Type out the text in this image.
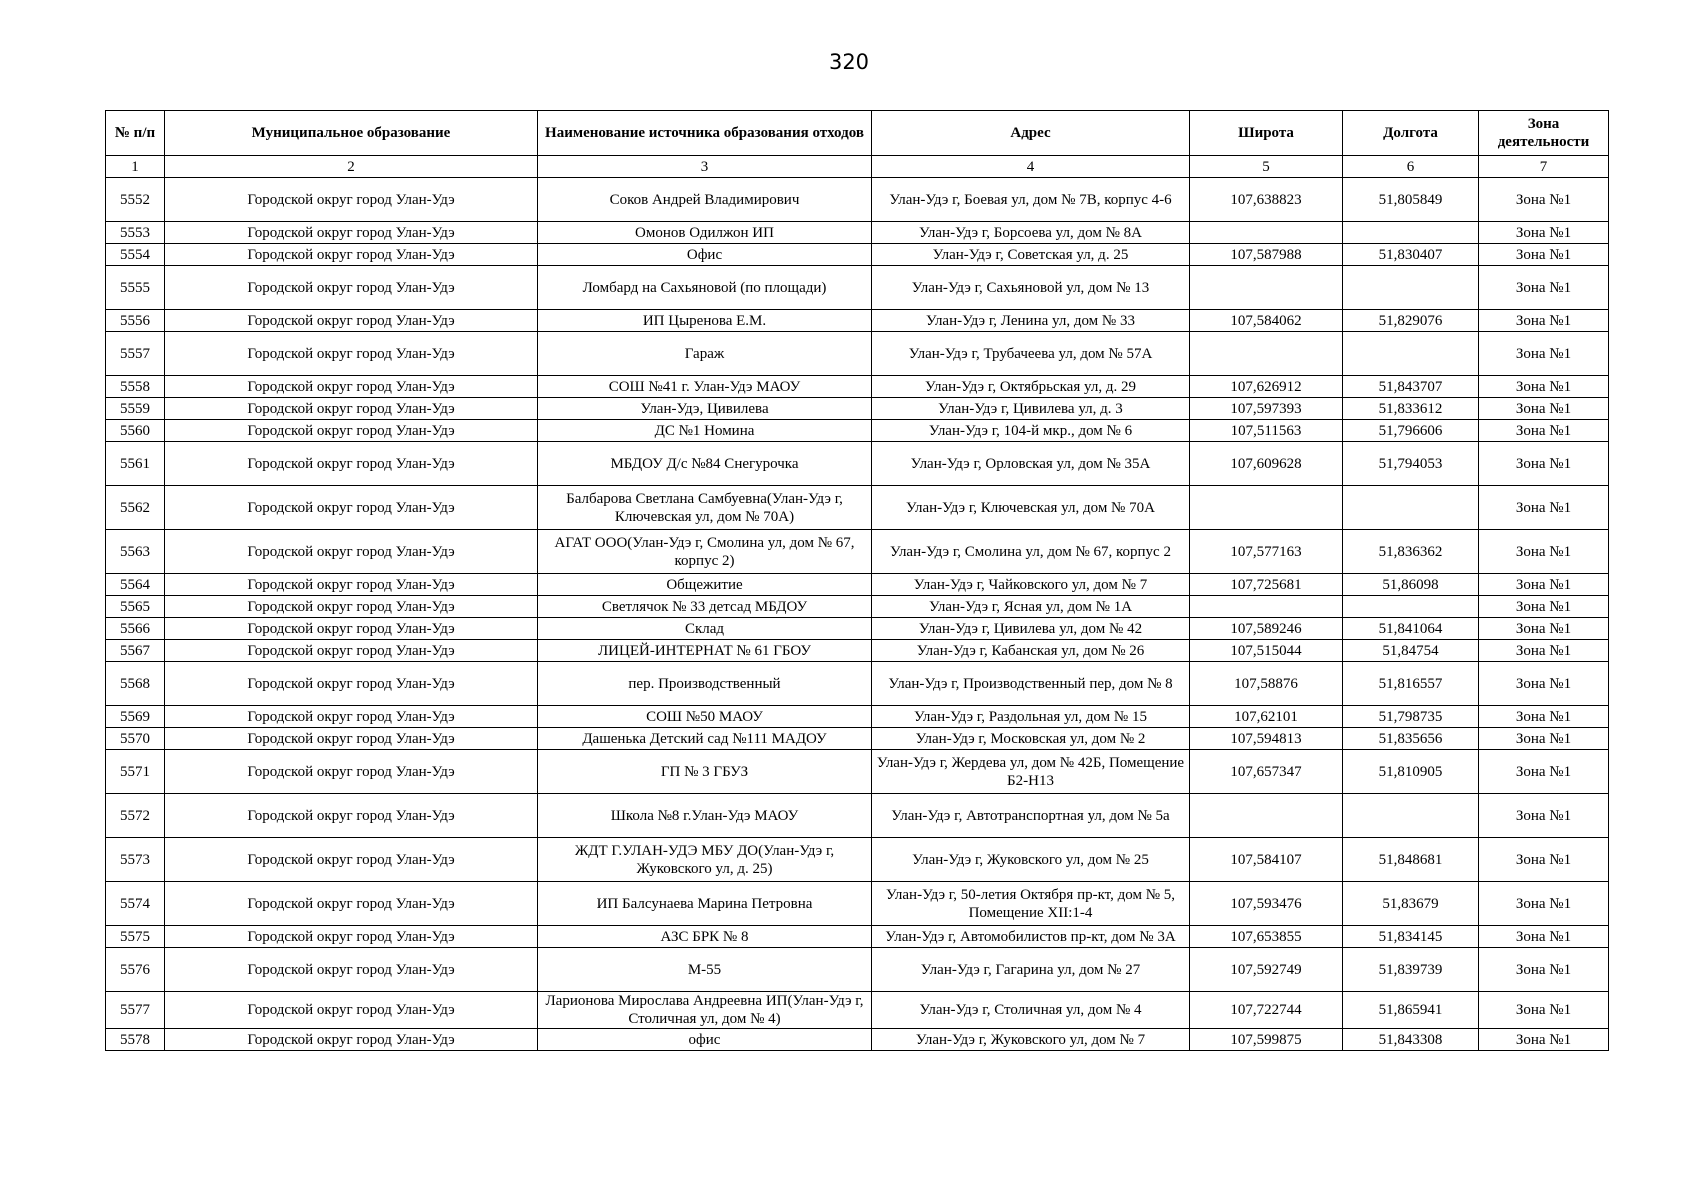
320
№ п/п	Муниципальное образование	Наименование источника образования отходов	Адрес	Широта	Долгота	Зона деятельности
1	2	3	4	5	6	7
5552	Городской округ город Улан-Удэ	Соков Андрей Владимирович	Улан-Удэ г, Боевая ул, дом № 7В, корпус 4-6	107,638823	51,805849	Зона №1
5553	Городской округ город Улан-Удэ	Омонов Одилжон ИП	Улан-Удэ г, Борсоева ул, дом № 8А			Зона №1
5554	Городской округ город Улан-Удэ	Офис	Улан-Удэ г, Советская ул, д. 25	107,587988	51,830407	Зона №1
5555	Городской округ город Улан-Удэ	Ломбард на Сахьяновой (по площади)	Улан-Удэ г, Сахьяновой ул, дом № 13			Зона №1
5556	Городской округ город Улан-Удэ	ИП Цыренова Е.М.	Улан-Удэ г, Ленина ул, дом № 33	107,584062	51,829076	Зона №1
5557	Городской округ город Улан-Удэ	Гараж	Улан-Удэ г, Трубачеева ул, дом № 57А			Зона №1
5558	Городской округ город Улан-Удэ	СОШ №41 г. Улан-Удэ МАОУ	Улан-Удэ г, Октябрьская ул, д. 29	107,626912	51,843707	Зона №1
5559	Городской округ город Улан-Удэ	Улан-Удэ, Цивилева	Улан-Удэ г, Цивилева ул, д. 3	107,597393	51,833612	Зона №1
5560	Городской округ город Улан-Удэ	ДС №1 Номина	Улан-Удэ г, 104-й мкр., дом № 6	107,511563	51,796606	Зона №1
5561	Городской округ город Улан-Удэ	МБДОУ Д/с №84 Снегурочка	Улан-Удэ г, Орловская ул, дом № 35А	107,609628	51,794053	Зона №1
5562	Городской округ город Улан-Удэ	Балбарова Светлана Самбуевна(Улан-Удэ г, Ключевская ул, дом № 70А)	Улан-Удэ г, Ключевская ул, дом № 70А			Зона №1
5563	Городской округ город Улан-Удэ	АГАТ ООО(Улан-Удэ г, Смолина ул, дом № 67, корпус 2)	Улан-Удэ г, Смолина ул, дом № 67, корпус 2	107,577163	51,836362	Зона №1
5564	Городской округ город Улан-Удэ	Общежитие	Улан-Удэ г, Чайковского ул, дом № 7	107,725681	51,86098	Зона №1
5565	Городской округ город Улан-Удэ	Светлячок № 33 детсад МБДОУ	Улан-Удэ г, Ясная ул, дом № 1А			Зона №1
5566	Городской округ город Улан-Удэ	Склад	Улан-Удэ г, Цивилева ул, дом № 42	107,589246	51,841064	Зона №1
5567	Городской округ город Улан-Удэ	ЛИЦЕЙ-ИНТЕРНАТ № 61 ГБОУ	Улан-Удэ г, Кабанская ул, дом № 26	107,515044	51,84754	Зона №1
5568	Городской округ город Улан-Удэ	пер. Производственный	Улан-Удэ г, Производственный пер, дом № 8	107,58876	51,816557	Зона №1
5569	Городской округ город Улан-Удэ	СОШ №50 МАОУ	Улан-Удэ г, Раздольная ул, дом № 15	107,62101	51,798735	Зона №1
5570	Городской округ город Улан-Удэ	Дашенька Детский сад №111 МАДОУ	Улан-Удэ г, Московская ул, дом № 2	107,594813	51,835656	Зона №1
5571	Городской округ город Улан-Удэ	ГП № 3 ГБУЗ	Улан-Удэ г, Жердева ул, дом № 42Б, Помещение Б2-Н13	107,657347	51,810905	Зона №1
5572	Городской округ город Улан-Удэ	Школа №8 г.Улан-Удэ МАОУ	Улан-Удэ г, Автотранспортная ул, дом № 5а			Зона №1
5573	Городской округ город Улан-Удэ	ЖДТ Г.УЛАН-УДЭ МБУ ДО(Улан-Удэ г, Жуковского ул, д. 25)	Улан-Удэ г, Жуковского ул, дом № 25	107,584107	51,848681	Зона №1
5574	Городской округ город Улан-Удэ	ИП Балсунаева Марина Петровна	Улан-Удэ г, 50-летия Октября пр-кт, дом № 5, Помещение XII:1-4	107,593476	51,83679	Зона №1
5575	Городской округ город Улан-Удэ	АЗС БРК № 8	Улан-Удэ г, Автомобилистов пр-кт, дом № 3А	107,653855	51,834145	Зона №1
5576	Городской округ город Улан-Удэ	М-55	Улан-Удэ г, Гагарина ул, дом № 27	107,592749	51,839739	Зона №1
5577	Городской округ город Улан-Удэ	Ларионова Мирослава Андреевна ИП(Улан-Удэ г, Столичная ул, дом № 4)	Улан-Удэ г, Столичная ул, дом № 4	107,722744	51,865941	Зона №1
5578	Городской округ город Улан-Удэ	офис	Улан-Удэ г, Жуковского ул, дом № 7	107,599875	51,843308	Зона №1
